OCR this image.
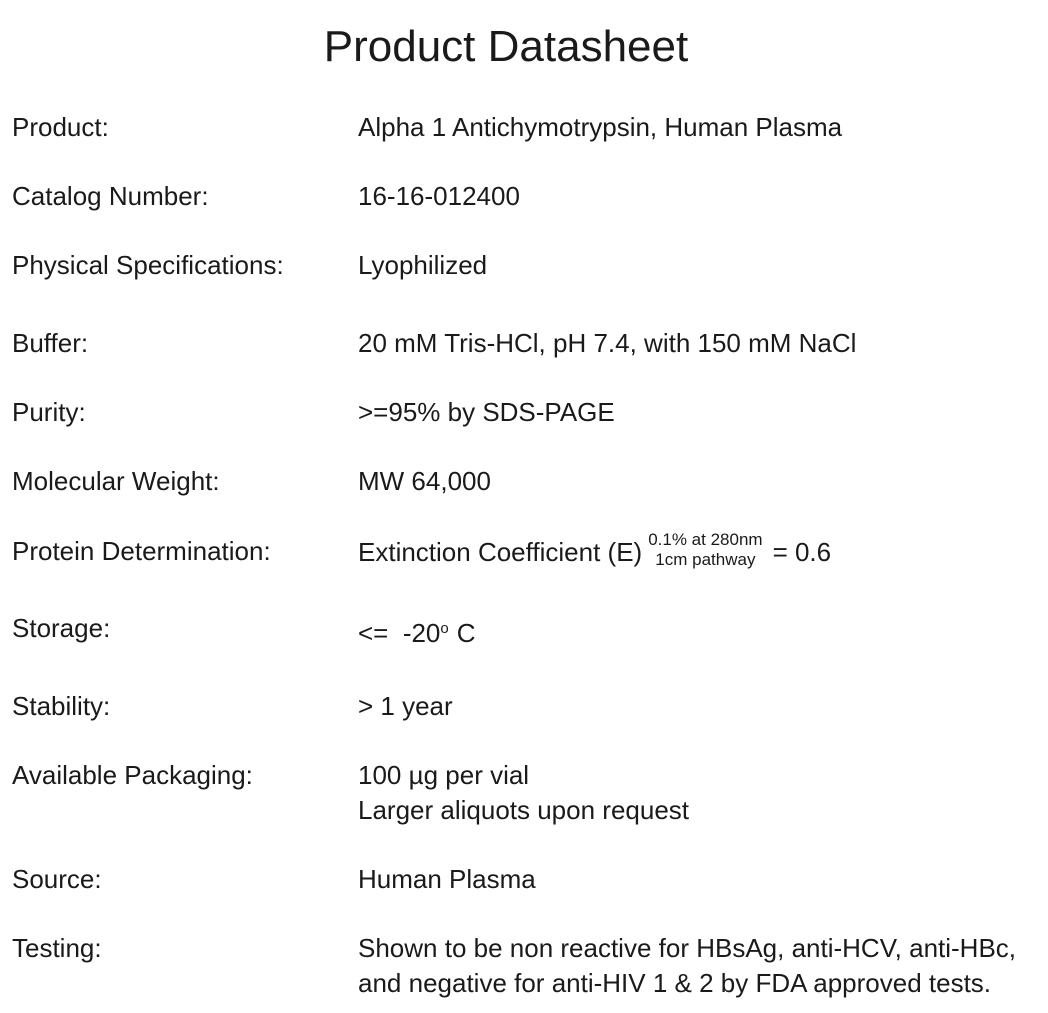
Product Datasheet
Product:	Alpha 1 Antichymotrypsin, Human Plasma
Catalog Number:	16-16-012400
Physical Specifications:	Lyophilized
Buffer:	20 mM Tris-HCl, pH 7.4, with 150 mM NaCl
Purity:	>=95% by SDS-PAGE
Molecular Weight:	MW 64,000
Protein Determination:	Extinction Coefficient (E) 0.1% at 280nm
1cm pathway = 0.6
Storage:	<=  -20$^o$ C
Stability:	> 1 year
Available Packaging:	100 µg per vial
Larger aliquots upon request
Source:	Human Plasma
Testing:	Shown to be non reactive for HBsAg, anti-HCV, anti-HBc,
and negative for anti-HIV 1 & 2 by FDA approved tests.
